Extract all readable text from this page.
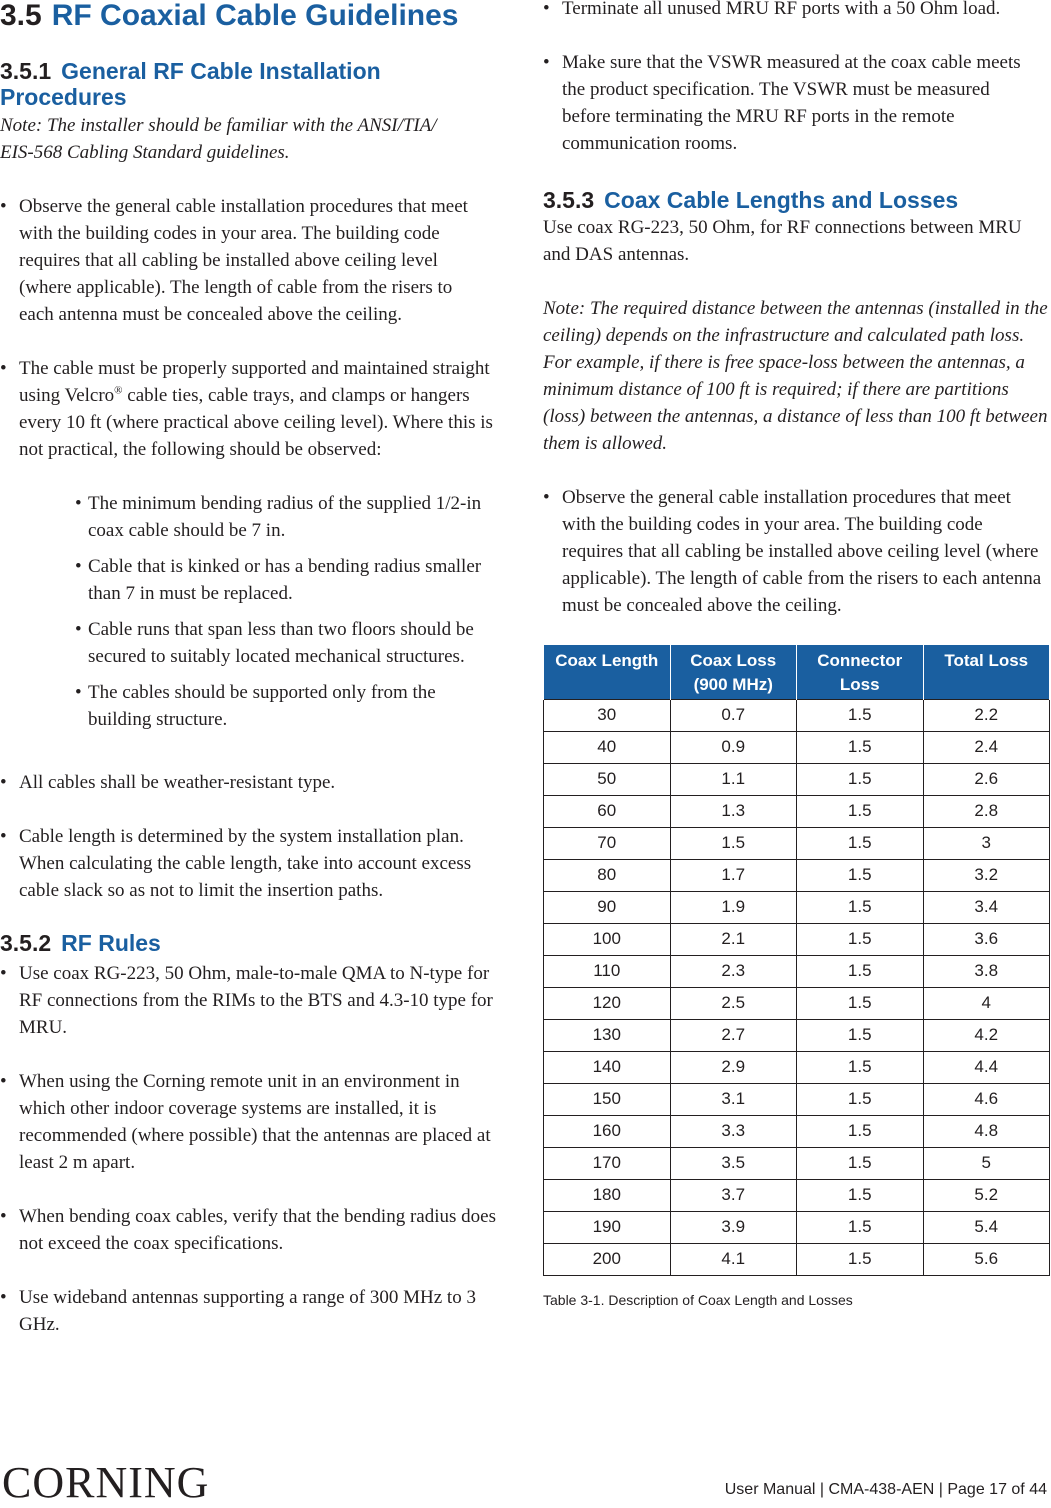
3.5 RF Coaxial Cable Guidelines
3.5.1 General RF Cable Installation Procedures

Note: The installer should be familiar with the ANSI/TIA/ EIS-568 Cabling Standard guidelines.

• Observe the general cable installation procedures that meet with the building codes in your area. The building code requires that all cabling be installed above ceiling level (where applicable). The length of cable from the risers to each antenna must be concealed above the ceiling.

• The cable must be properly supported and maintained straight using Velcro® cable ties, cable trays, and clamps or hangers every 10 ft (where practical above ceiling level). Where this is not practical, the following should be observed:

• The minimum bending radius of the supplied 1/2-in coax cable should be 7 in.

• Cable that is kinked or has a bending radius smaller than 7 in must be replaced.

• Cable runs that span less than two floors should be secured to suitably located mechanical structures.

• The cables should be supported only from the building structure.

• All cables shall be weather-resistant type.

• Cable length is determined by the system installation plan. When calculating the cable length, take into account excess cable slack so as not to limit the insertion paths.

3.5.2 RF Rules

• Use coax RG-223, 50 Ohm, male-to-male QMA to N-type for RF connections from the RIMs to the BTS and 4.3-10 type for MRU.

• When using the Corning remote unit in an environment in which other indoor coverage systems are installed, it is recommended (where possible) that the antennas are placed at least 2 m apart.

• When bending coax cables, verify that the bending radius does not exceed the coax specifications.

• Use wideband antennas supporting a range of 300 MHz to 3 GHz.

• Terminate all unused MRU RF ports with a 50 Ohm load.

• Make sure that the VSWR measured at the coax cable meets the product specification. The VSWR must be measured before terminating the MRU RF ports in the remote communication rooms.

3.5.3 Coax Cable Lengths and Losses

Use coax RG-223, 50 Ohm, for RF connections between MRU and DAS antennas.

Note: The required distance between the antennas (installed in the ceiling) depends on the infrastructure and calculated path loss. For example, if there is free space-loss between the antennas, a minimum distance of 100 ft is required; if there are partitions (loss) between the antennas, a distance of less than 100 ft between them is allowed.

• Observe the general cable installation procedures that meet with the building codes in your area. The building code requires that all cabling be installed above ceiling level (where applicable). The length of cable from the risers to each antenna must be concealed above the ceiling.

Coax Length	Coax Loss (900 MHz)	Connector Loss	Total Loss
30	0.7	1.5	2.2
40	0.9	1.5	2.4
50	1.1	1.5	2.6
60	1.3	1.5	2.8
70	1.5	1.5	3
80	1.7	1.5	3.2
90	1.9	1.5	3.4
100	2.1	1.5	3.6
110	2.3	1.5	3.8
120	2.5	1.5	4
130	2.7	1.5	4.2
140	2.9	1.5	4.4
150	3.1	1.5	4.6
160	3.3	1.5	4.8
170	3.5	1.5	5
180	3.7	1.5	5.2
190	3.9	1.5	5.4
200	4.1	1.5	5.6

Table 3-1. Description of Coax Length and Losses

CORNING	User Manual | CMA-438-AEN | Page 17 of 44
